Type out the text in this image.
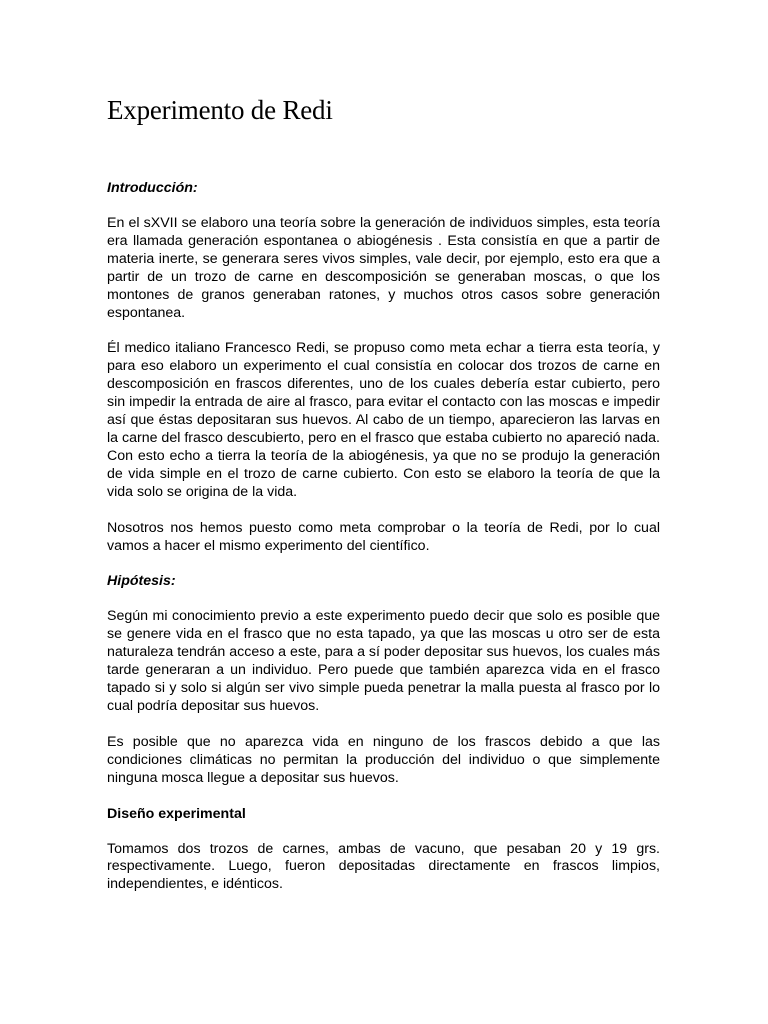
Experimento de Redi
Introducción:

En el sXVII se elaboro una teoría sobre la generación de individuos simples, esta teoría era llamada generación espontanea o abiogénesis . Esta consistía en que a partir de materia inerte, se generara seres vivos simples, vale decir, por ejemplo, esto era que a partir de un trozo de carne en descomposición se generaban moscas, o que los montones de granos generaban ratones, y muchos otros casos sobre generación espontanea.

Él medico italiano Francesco Redi, se propuso como meta echar a tierra esta teoría, y para eso elaboro un experimento el cual consistía en colocar dos trozos de carne en descomposición en frascos diferentes, uno de los cuales debería estar cubierto, pero sin impedir la entrada de aire al frasco, para evitar el contacto con las moscas e impedir así que éstas depositaran sus huevos. Al cabo de un tiempo, aparecieron las larvas en la carne del frasco descubierto, pero en el frasco que estaba cubierto no apareció nada. Con esto echo a tierra la teoría de la abiogénesis, ya que no se produjo la generación de vida simple en el trozo de carne cubierto. Con esto se elaboro la teoría de que la vida solo se origina de la vida.

Nosotros nos hemos puesto como meta comprobar o la teoría de Redi, por lo cual vamos a hacer el mismo experimento del científico.

Hipótesis:

Según mi conocimiento previo a este experimento puedo decir que solo es posible que se genere vida en el frasco que no esta tapado, ya que las moscas u otro ser de esta naturaleza tendrán acceso a este, para a sí poder depositar sus huevos, los cuales más tarde generaran a un individuo. Pero puede que también aparezca vida en el frasco tapado si y solo si algún ser vivo simple pueda penetrar la malla puesta al frasco por lo cual podría depositar sus huevos.

Es posible que no aparezca vida en ninguno de los frascos debido a que las condiciones climáticas no permitan la producción del individuo o que simplemente ninguna mosca llegue a depositar sus huevos.

Diseño experimental

Tomamos dos trozos de carnes, ambas de vacuno, que pesaban 20 y 19 grs. respectivamente. Luego, fueron depositadas directamente en frascos limpios, independientes, e idénticos.
